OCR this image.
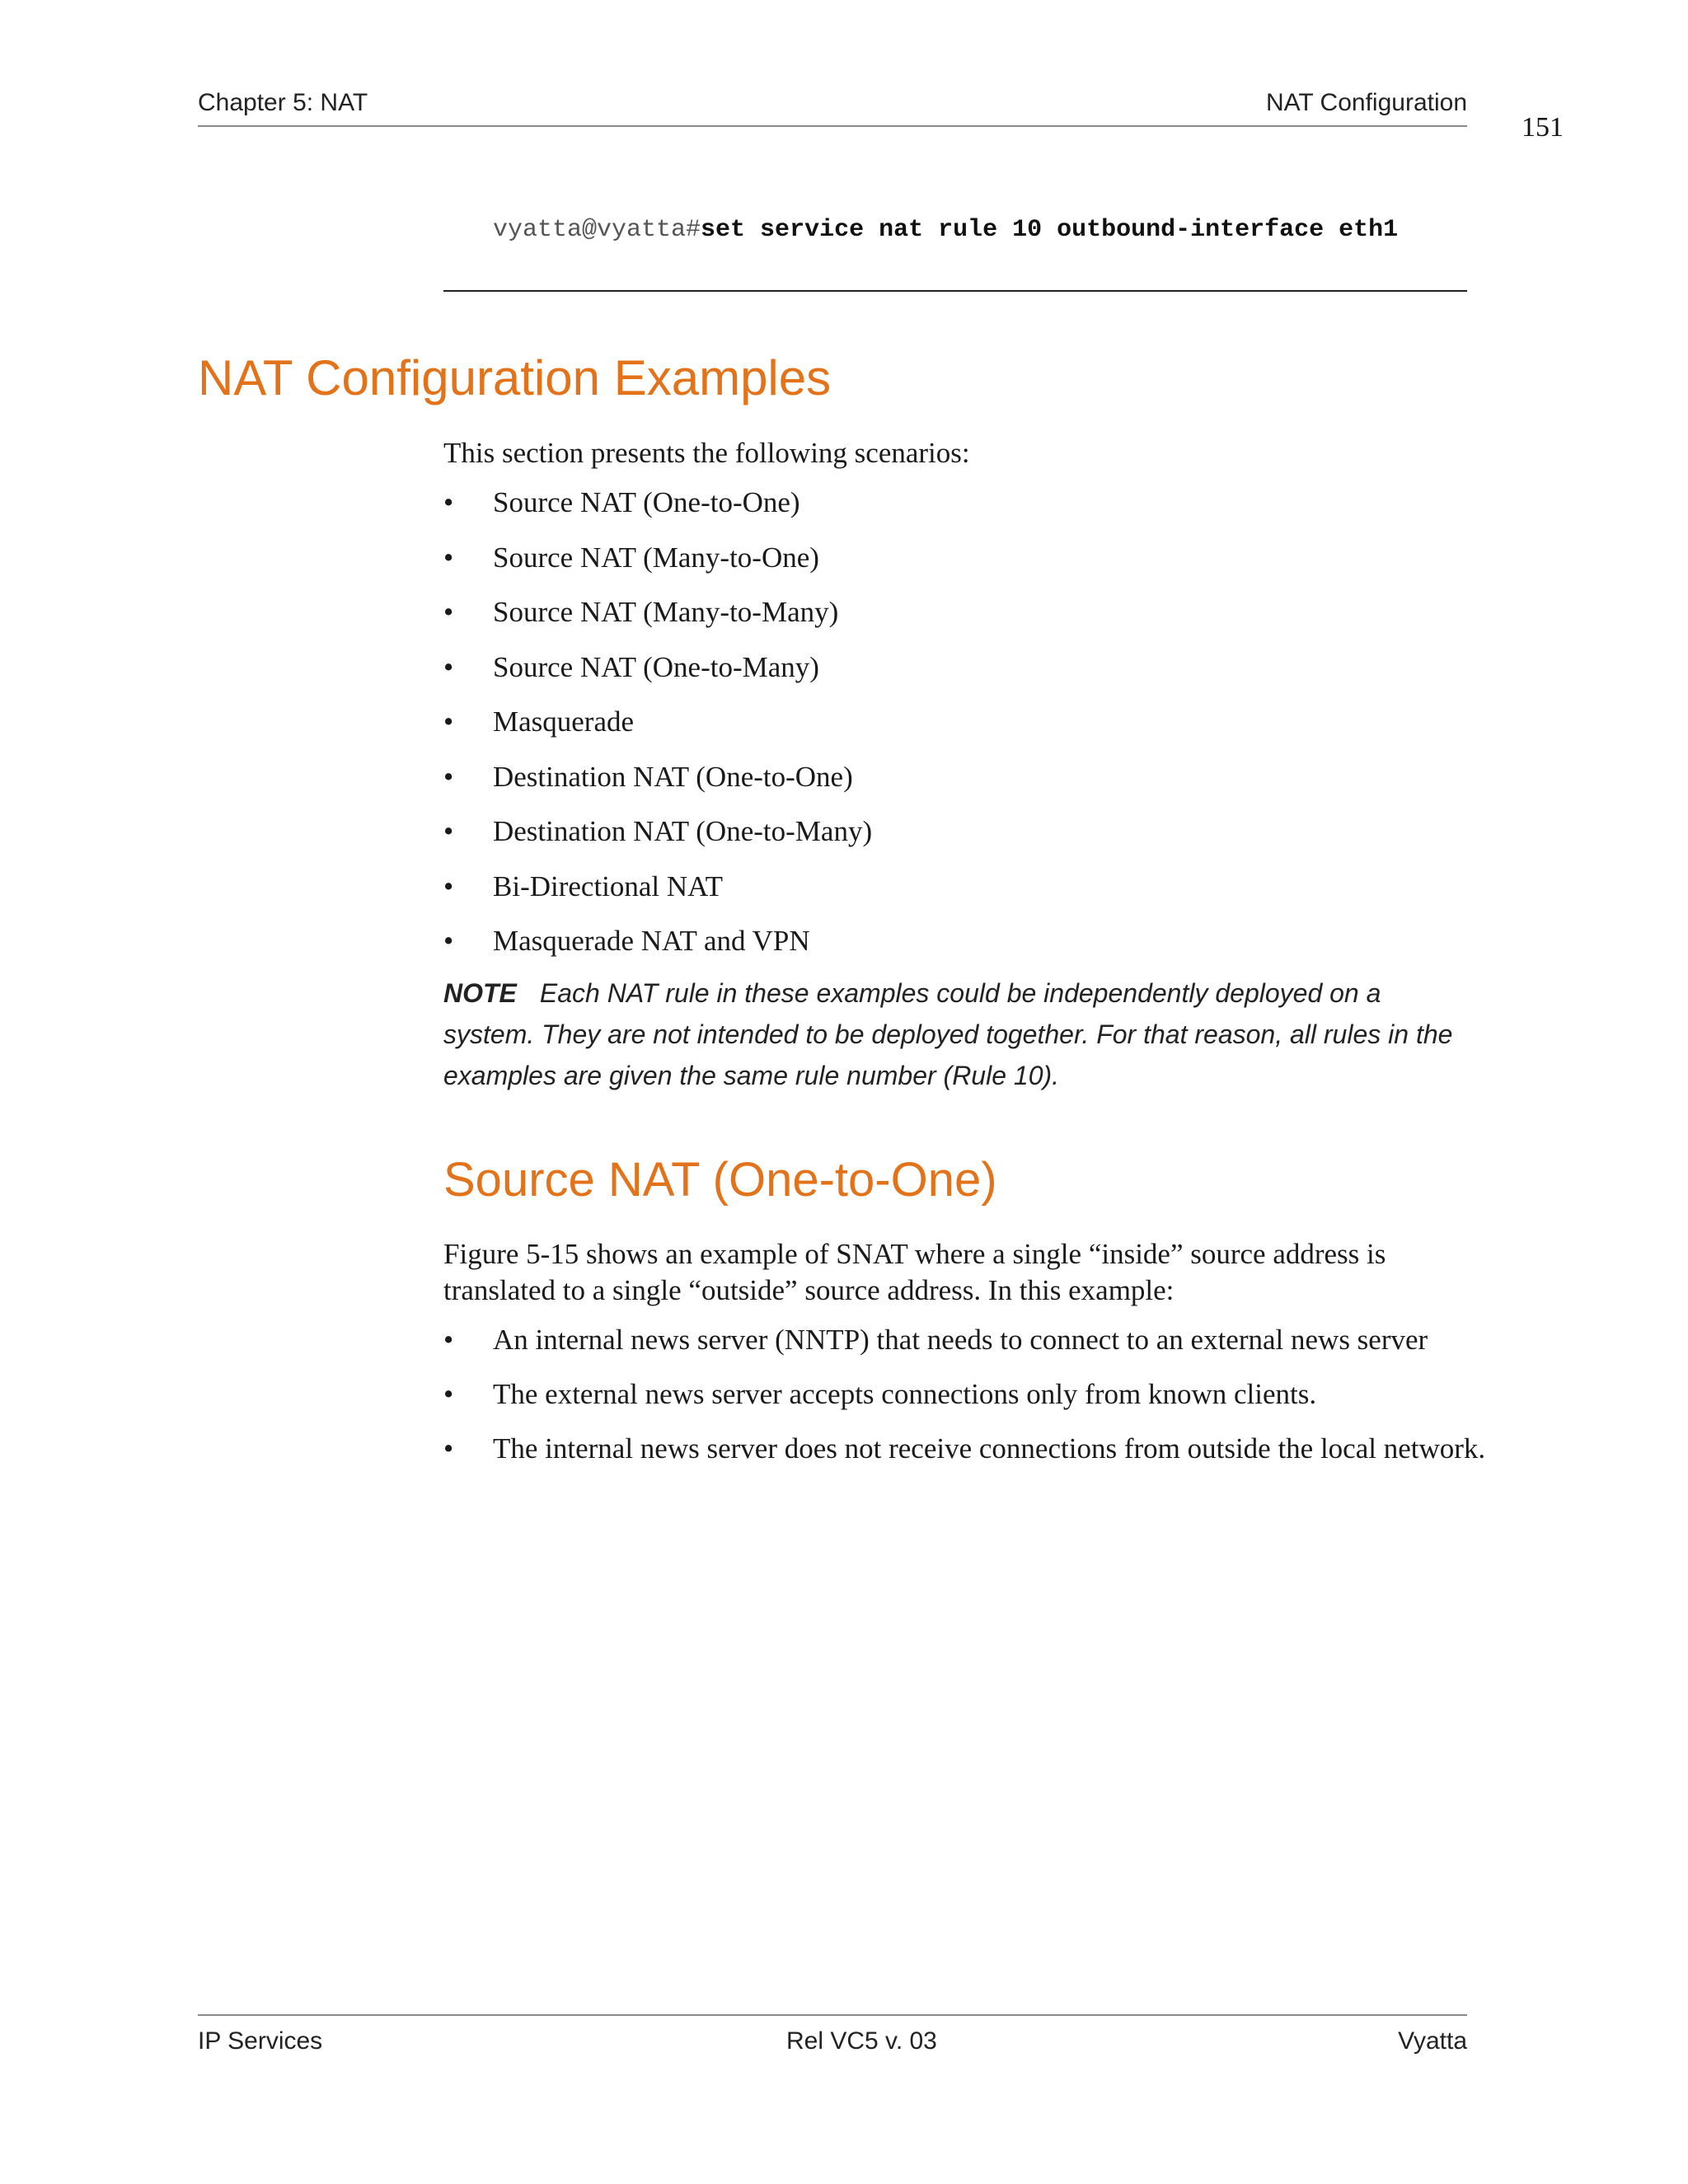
Chapter 5: NAT	NAT Configuration
151
vyatta@vyatta#set service nat rule 10 outbound-interface eth1
NAT Configuration Examples

This section presents the following scenarios:

• Source NAT (One-to-One)
• Source NAT (Many-to-One)
• Source NAT (Many-to-Many)
• Source NAT (One-to-Many)
• Masquerade
• Destination NAT (One-to-One)
• Destination NAT (One-to-Many)
• Bi-Directional NAT
• Masquerade NAT and VPN

NOTE Each NAT rule in these examples could be independently deployed on a system. They are not intended to be deployed together. For that reason, all rules in the examples are given the same rule number (Rule 10).

Source NAT (One-to-One)

Figure 5-15 shows an example of SNAT where a single “inside” source address is translated to a single “outside” source address. In this example:

• An internal news server (NNTP) that needs to connect to an external news server
• The external news server accepts connections only from known clients.
• The internal news server does not receive connections from outside the local network.
IP Services	Rel VC5 v. 03	Vyatta
